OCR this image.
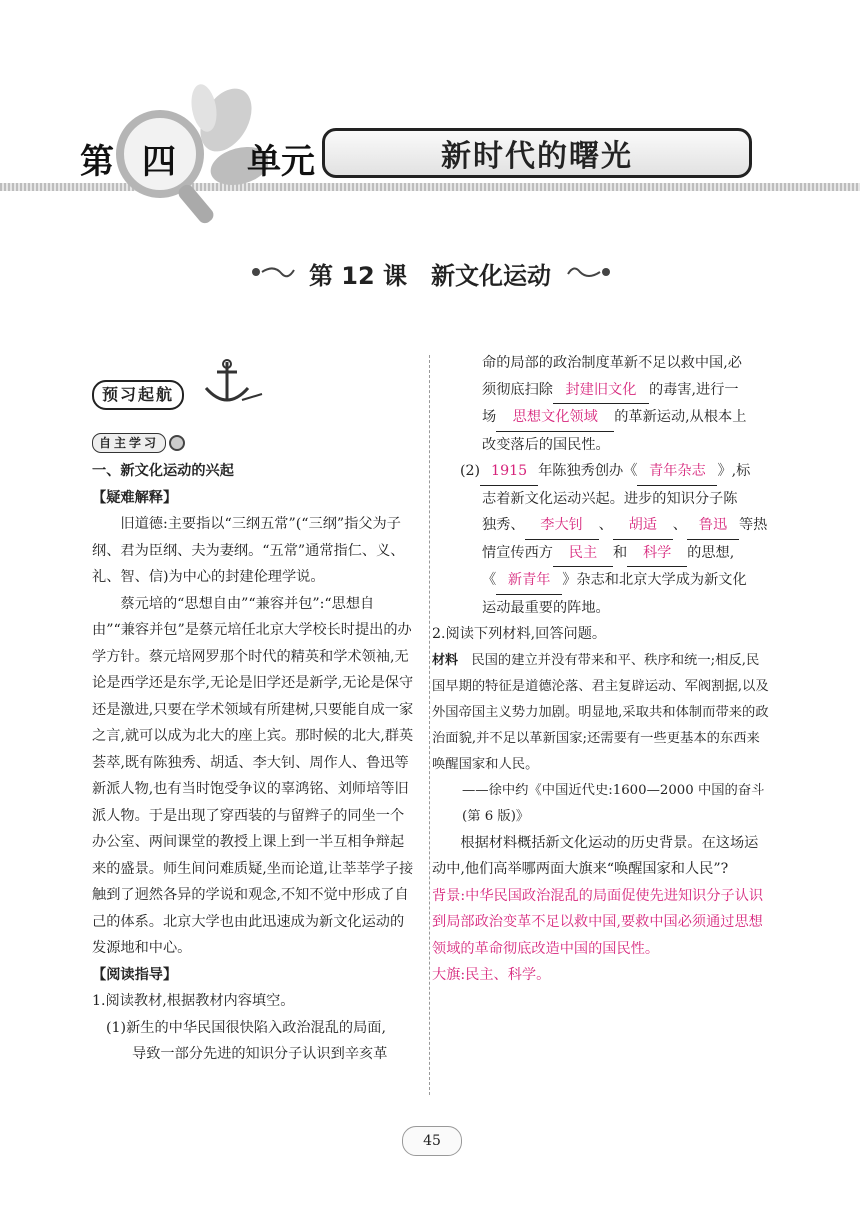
第 四 单元	新时代的曙光
第 12 课　新文化运动
预习起航
自主学习

一、新文化运动的兴起

【疑难解释】

旧道德:主要指以“三纲五常”(“三纲”指父为子纲、君为臣纲、夫为妻纲。“五常”通常指仁、义、礼、智、信)为中心的封建伦理学说。

蔡元培的“思想自由”“兼容并包”:“思想自由”“兼容并包”是蔡元培任北京大学校长时提出的办学方针。蔡元培网罗那个时代的精英和学术领袖,无论是西学还是东学,无论是旧学还是新学,无论是保守还是激进,只要在学术领域有所建树,只要能自成一家之言,就可以成为北大的座上宾。那时候的北大,群英荟萃,既有陈独秀、胡适、李大钊、周作人、鲁迅等新派人物,也有当时饱受争议的辜鸿铭、刘师培等旧派人物。于是出现了穿西装的与留辫子的同坐一个办公室、两间课堂的教授上课上到一半互相争辩起来的盛景。师生间问难质疑,坐而论道,让莘莘学子接触到了迥然各异的学说和观念,不知不觉中形成了自己的体系。北京大学也由此迅速成为新文化运动的发源地和中心。

【阅读指导】

1.阅读教材,根据教材内容填空。

(1)新生的中华民国很快陷入政治混乱的局面,

导致一部分先进的知识分子认识到辛亥革

命的局部的政治制度革新不足以救中国,必

须彻底扫除 封建旧文化 的毒害,进行一

场 思想文化领域 的革新运动,从根本上

改变落后的国民性。

(2) 1915 年陈独秀创办《 青年杂志 》,标

志着新文化运动兴起。进步的知识分子陈

独秀、 李大钊 、 胡适 、 鲁迅 等热

情宣传西方 民主 和 科学 的思想,

《 新青年 》杂志和北京大学成为新文化

运动最重要的阵地。

2.阅读下列材料,回答问题。

材料　 民国的建立并没有带来和平、秩序和统一;相反,民国早期的特征是道德沦落、君主复辟运动、军阀割据,以及外国帝国主义势力加剧。明显地,采取共和体制而带来的政治面貌,并不足以革新国家;还需要有一些更基本的东西来唤醒国家和人民。

——徐中约《中国近代史:1600—2000 中国的奋斗(第 6 版)》

根据材料概括新文化运动的历史背景。在这场运动中,他们高举哪两面大旗来“唤醒国家和人民”?

背景:中华民国政治混乱的局面促使先进知识分子认识到局部政治变革不足以救中国,要救中国必须通过思想领域的革命彻底改造中国的国民性。

大旗:民主、科学。

45
